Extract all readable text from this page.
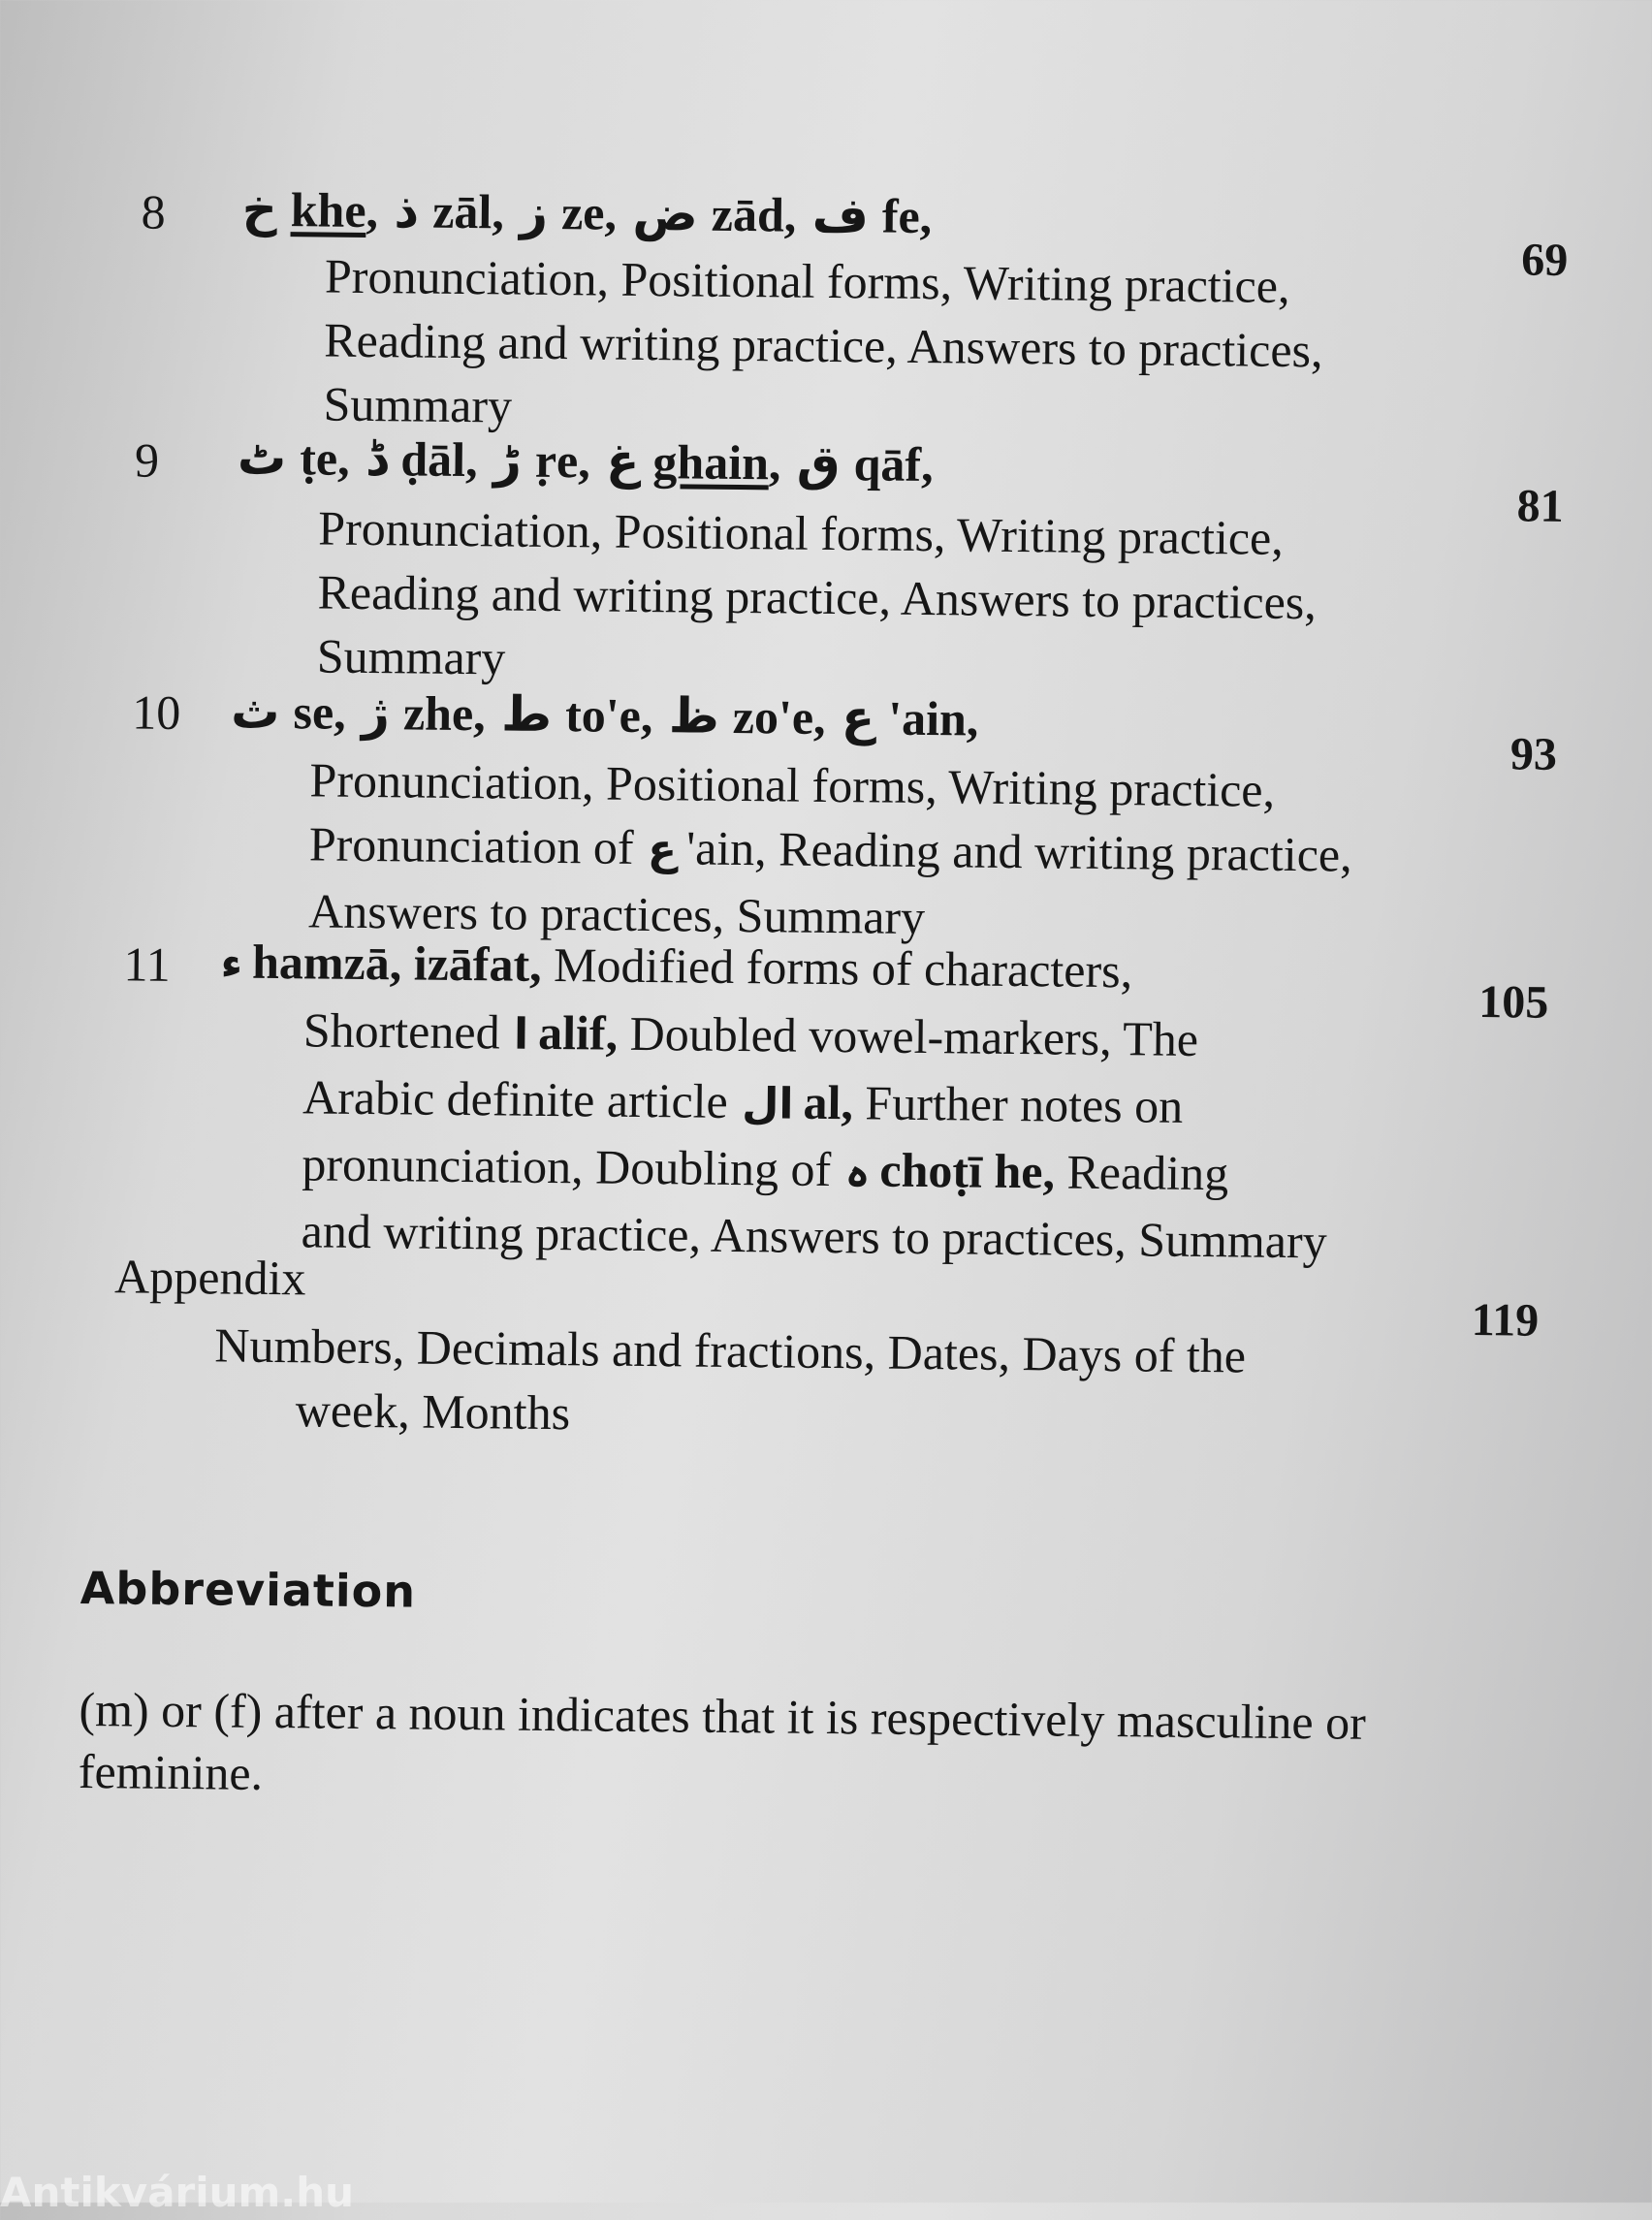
8 خ khe, ذ zāl, ز ze, ض zād, ف fe,
69
Pronunciation, Positional forms, Writing practice,
Reading and writing practice, Answers to practices,
Summary
9 ٹ ṭe, ڈ ḍāl, ڑ ṛe, غ ghain, ق qāf,
81
Pronunciation, Positional forms, Writing practice,
Reading and writing practice, Answers to practices,
Summary
10 ث se, ژ zhe, ط to'e, ظ zo'e, ع 'ain,
93
Pronunciation, Positional forms, Writing practice,
Pronunciation of ع 'ain, Reading and writing practice,
Answers to practices, Summary
11 ء hamzā, izāfat, Modified forms of characters,
105
Shortened ا alif, Doubled vowel-markers, The
Arabic definite article ال al, Further notes on
pronunciation, Doubling of ہ choṭī he, Reading
and writing practice, Answers to practices, Summary
Appendix
119
Numbers, Decimals and fractions, Dates, Days of the
week, Months
Abbreviation
(m) or (f) after a noun indicates that it is respectively masculine or
feminine.
Antikvárium.hu
